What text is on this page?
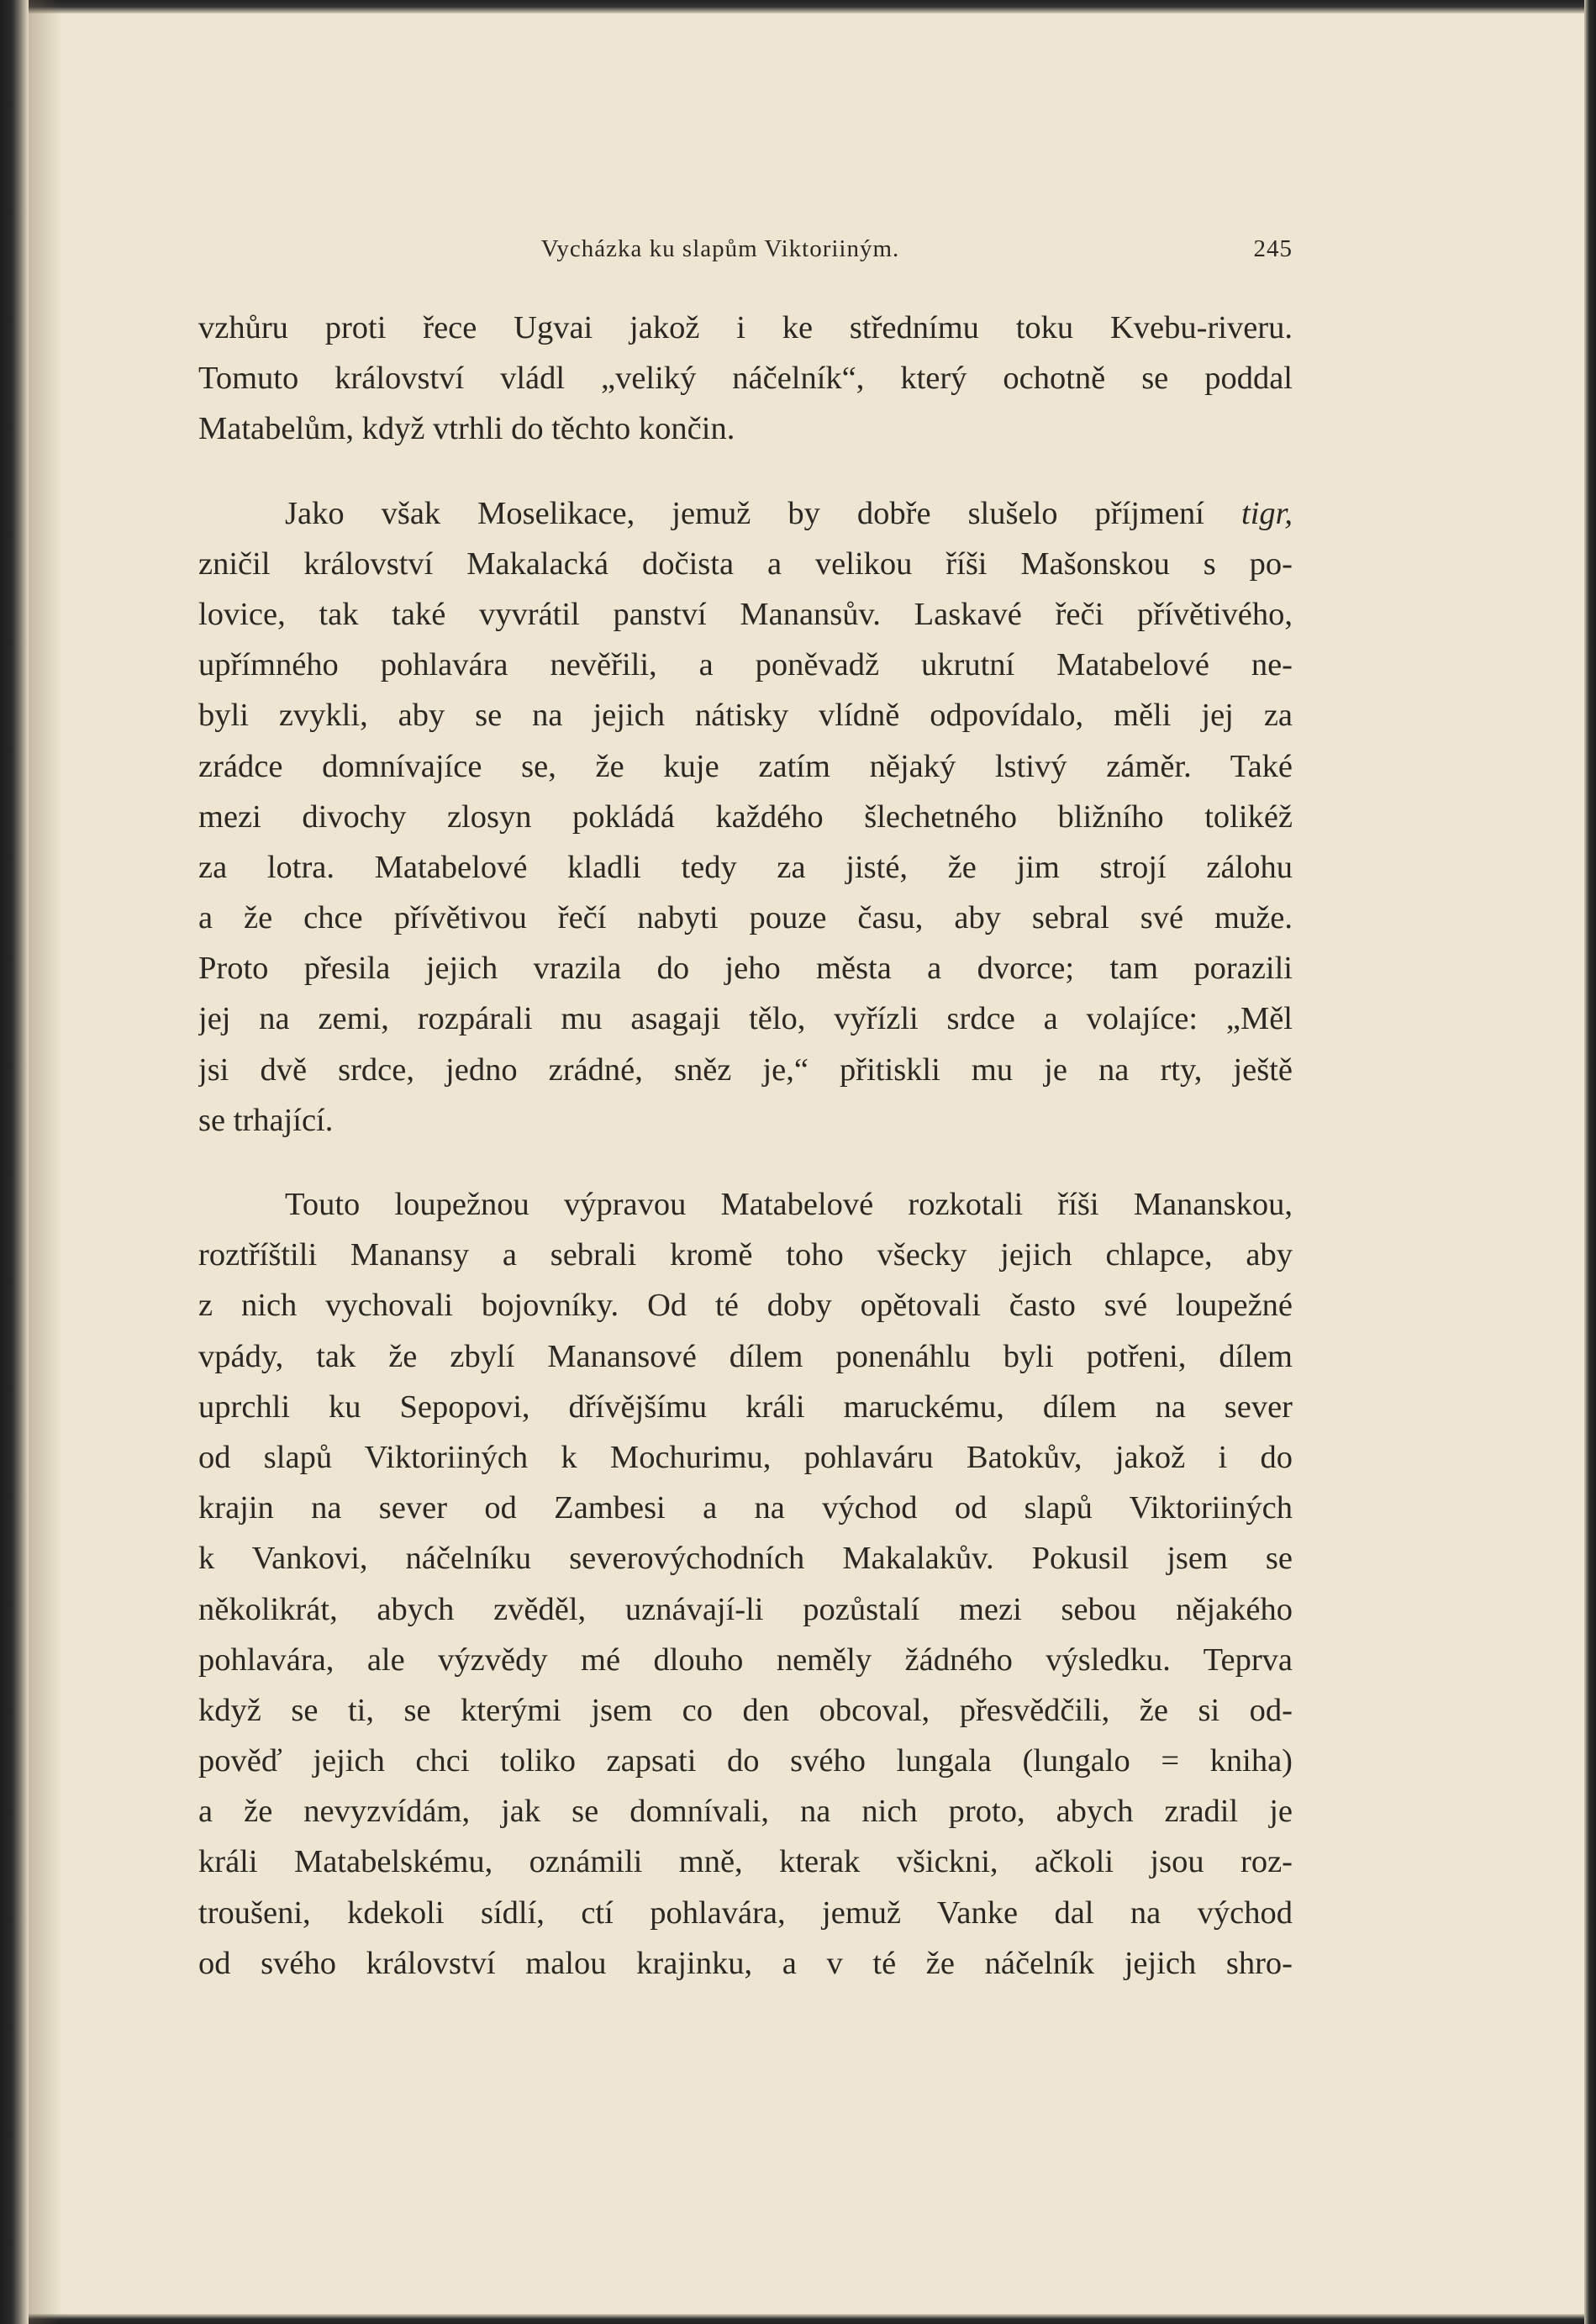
Vycházka ku slapům Viktoriiným.	245
vzhůru proti řece Ugvai jakož i ke střednímu toku Kvebu-riveru.
Tomuto království vládl „veliký náčelník“, který ochotně se poddal
Matabelům, když vtrhli do těchto končin.
Jako však Moselikace, jemuž by dobře slušelo příjmení tigr,
zničil království Makalacká dočista a velikou říši Mašonskou s po-
lovice, tak také vyvrátil panství Manansův. Laskavé řeči přívětivého,
upřímného pohlavára nevěřili, a poněvadž ukrutní Matabelové ne-
byli zvykli, aby se na jejich nátisky vlídně odpovídalo, měli jej za
zrádce domnívajíce se, že kuje zatím nějaký lstivý záměr. Také
mezi divochy zlosyn pokládá každého šlechetného bližního tolikéž
za lotra. Matabelové kladli tedy za jisté, že jim strojí zálohu
a že chce přívětivou řečí nabyti pouze času, aby sebral své muže.
Proto přesila jejich vrazila do jeho města a dvorce; tam porazili
jej na zemi, rozpárali mu asagaji tělo, vyřízli srdce a volajíce: „Měl
jsi dvě srdce, jedno zrádné, sněz je,“ přitiskli mu je na rty, ještě
se trhající.
Touto loupežnou výpravou Matabelové rozkotali říši Mananskou,
roztříštili Manansy a sebrali kromě toho všecky jejich chlapce, aby
z nich vychovali bojovníky. Od té doby opětovali často své loupežné
vpády, tak že zbylí Manansové dílem ponenáhlu byli potřeni, dílem
uprchli ku Sepopovi, dřívějšímu králi maruckému, dílem na sever
od slapů Viktoriiných k Mochurimu, pohlaváru Batokův, jakož i do
krajin na sever od Zambesi a na východ od slapů Viktoriiných
k Vankovi, náčelníku severovýchodních Makalakův. Pokusil jsem se
několikrát, abych zvěděl, uznávají-li pozůstalí mezi sebou nějakého
pohlavára, ale výzvědy mé dlouho neměly žádného výsledku. Teprva
když se ti, se kterými jsem co den obcoval, přesvědčili, že si od-
pověď jejich chci toliko zapsati do svého lungala (lungalo = kniha)
a že nevyzvídám, jak se domnívali, na nich proto, abych zradil je
králi Matabelskému, oznámili mně, kterak všickni, ačkoli jsou roz-
troušeni, kdekoli sídlí, ctí pohlavára, jemuž Vanke dal na východ
od svého království malou krajinku, a v té že náčelník jejich shro-
